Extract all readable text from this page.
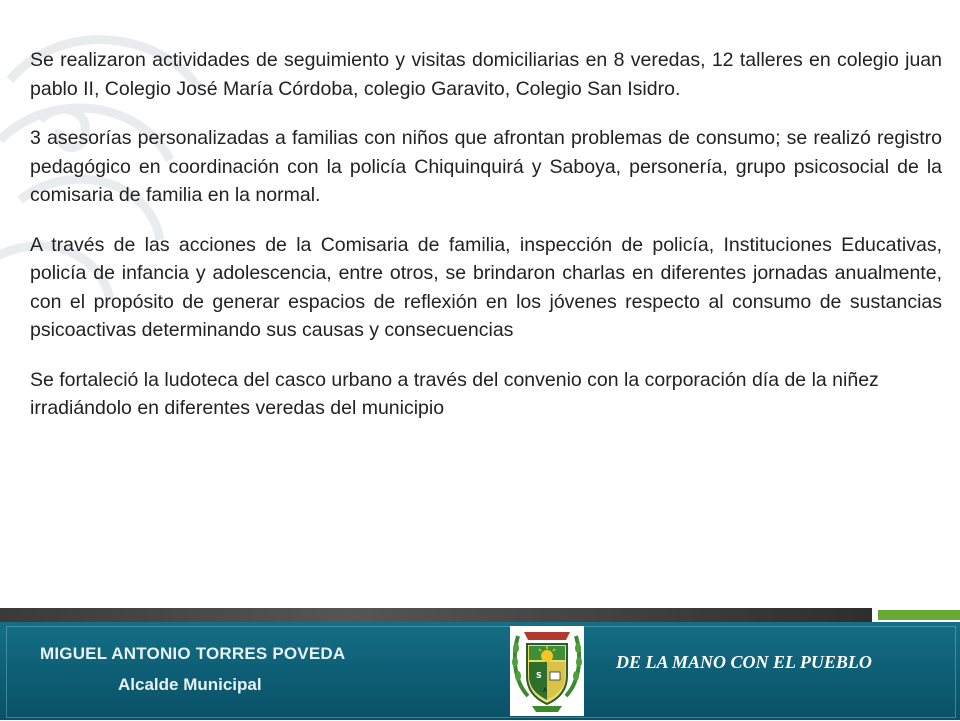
Se realizaron actividades de seguimiento y visitas domiciliarias en 8 veredas, 12 talleres en colegio juan pablo II, Colegio José María Córdoba, colegio Garavito, Colegio San Isidro.

3 asesorías personalizadas a familias con niños que afrontan problemas de consumo; se realizó registro pedagógico en coordinación con la policía Chiquinquirá y Saboya, personería, grupo psicosocial de la comisaria de familia en la normal.

A través de las acciones de la Comisaria de familia, inspección de policía, Instituciones Educativas, policía de infancia y adolescencia, entre otros, se brindaron charlas en diferentes jornadas anualmente, con el propósito de generar espacios de reflexión en los jóvenes respecto al consumo de sustancias psicoactivas determinando sus causas y consecuencias

Se fortaleció la ludoteca del casco urbano a través del convenio con la corporación día de la niñez irradiándolo en diferentes veredas del municipio

MIGUEL ANTONIO TORRES POVEDA
Alcalde Municipal	S
A
DE LA MANO CON EL PUEBLO
